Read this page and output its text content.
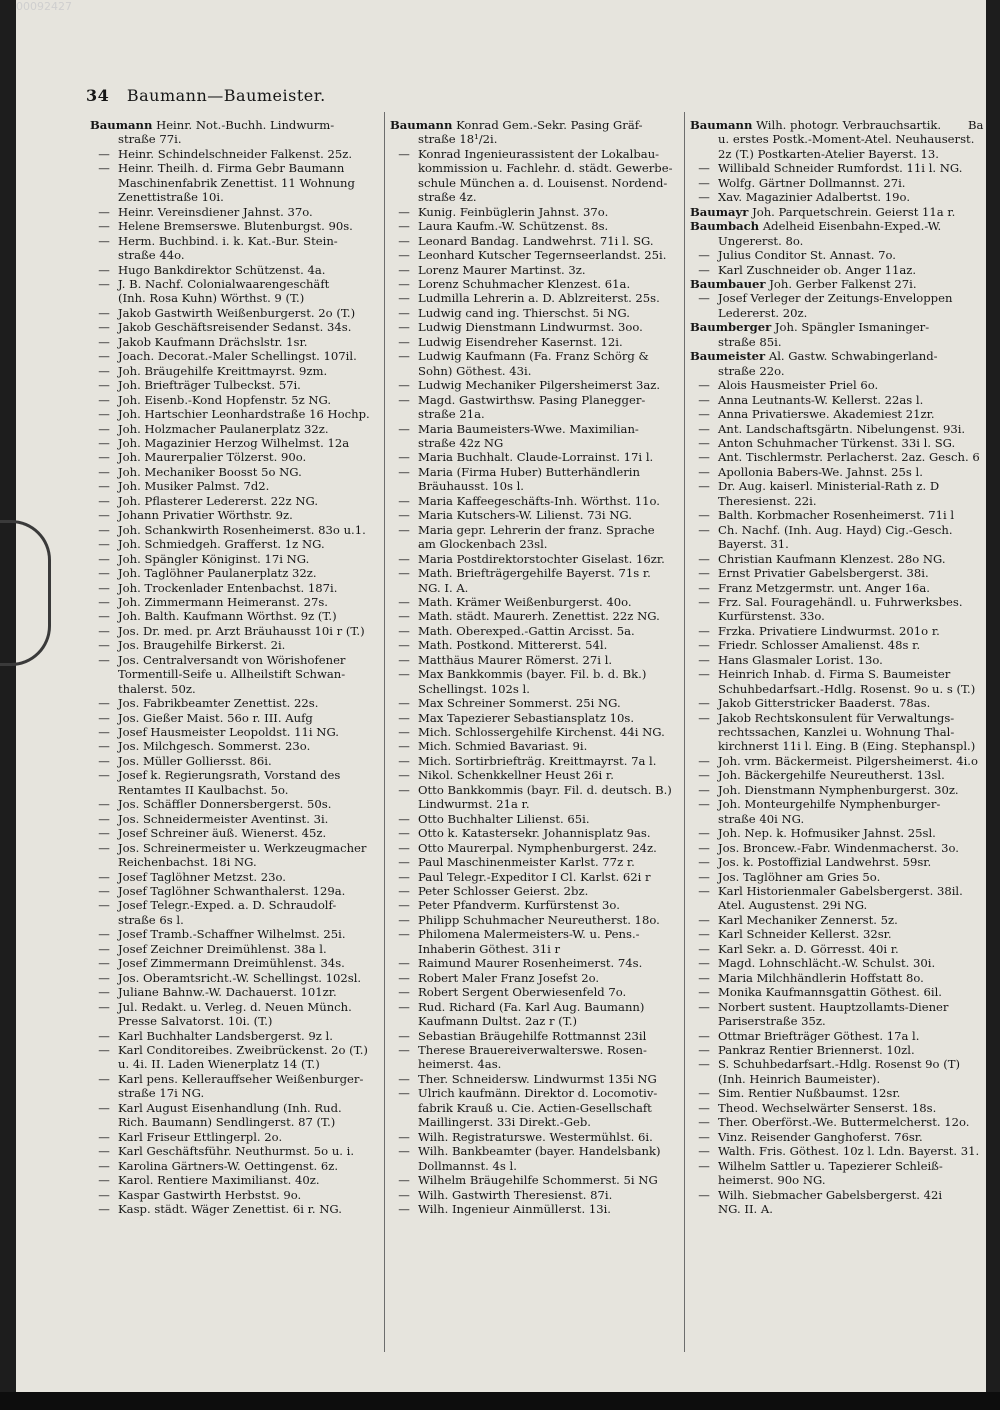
00092427
34 Baumann—Baumeister.
Baumann Heinr. Not.-Buchh. Lindwurm-
straße 77i.
— Heinr. Schindelschneider Falkenst. 25z.
— Heinr. Theilh. d. Firma Gebr Baumann
Maschinenfabrik Zenettist. 11 Wohnung
Zenettistraße 10i.
— Heinr. Vereinsdiener Jahnst. 37o.
— Helene Bremserswe. Blutenburgst. 90s.
— Herm. Buchbind. i. k. Kat.-Bur. Stein-
straße 44o.
— Hugo Bankdirektor Schützenst. 4a.
— J. B. Nachf. Colonialwaarengeschäft
(Inh. Rosa Kuhn) Wörthst. 9 (T.)
— Jakob Gastwirth Weißenburgerst. 2o (T.)
— Jakob Geschäftsreisender Sedanst. 34s.
— Jakob Kaufmann Drächslstr. 1sr.
— Joach. Decorat.-Maler Schellingst. 107il.
— Joh. Bräugehilfe Kreittmayrst. 9zm.
— Joh. Briefträger Tulbeckst. 57i.
— Joh. Eisenb.-Kond Hopfenstr. 5z NG.
— Joh. Hartschier Leonhardstraße 16 Hochp.
— Joh. Holzmacher Paulanerplatz 32z.
— Joh. Magazinier Herzog Wilhelmst. 12a
— Joh. Maurerpalier Tölzerst. 90o.
— Joh. Mechaniker Boosst 5o NG.
— Joh. Musiker Palmst. 7d2.
— Joh. Pflasterer Ledererst. 22z NG.
— Johann Privatier Wörthstr. 9z.
— Joh. Schankwirth Rosenheimerst. 83o u.1.
— Joh. Schmiedgeh. Grafferst. 1z NG.
— Joh. Spängler Königinst. 17i NG.
— Joh. Taglöhner Paulanerplatz 32z.
— Joh. Trockenlader Entenbachst. 187i.
— Joh. Zimmermann Heimeranst. 27s.
— Joh. Balth. Kaufmann Wörthst. 9z (T.)
— Jos. Dr. med. pr. Arzt Bräuhausst 10i r (T.)
— Jos. Braugehilfe Birkerst. 2i.
— Jos. Centralversandt von Wörishofener
Tormentill-Seife u. Allheilstift Schwan-
thalerst. 50z.
— Jos. Fabrikbeamter Zenettist. 22s.
— Jos. Gießer Maist. 56o r. III. Aufg
— Josef Hausmeister Leopoldst. 11i NG.
— Jos. Milchgesch. Sommerst. 23o.
— Jos. Müller Golliersst. 86i.
— Josef k. Regierungsrath, Vorstand des
Rentamtes II Kaulbachst. 5o.
— Jos. Schäffler Donnersbergerst. 50s.
— Jos. Schneidermeister Aventinst. 3i.
— Josef Schreiner äuß. Wienerst. 45z.
— Jos. Schreinermeister u. Werkzeugmacher
Reichenbachst. 18i NG.
— Josef Taglöhner Metzst. 23o.
— Josef Taglöhner Schwanthalerst. 129a.
— Josef Telegr.-Exped. a. D. Schraudolf-
straße 6s l.
— Josef Tramb.-Schaffner Wilhelmst. 25i.
— Josef Zeichner Dreimühlenst. 38a l.
— Josef Zimmermann Dreimühlenst. 34s.
— Jos. Oberamtsricht.-W. Schellingst. 102sl.
— Juliane Bahnw.-W. Dachauerst. 101zr.
— Jul. Redakt. u. Verleg. d. Neuen Münch.
Presse Salvatorst. 10i. (T.)
— Karl Buchhalter Landsbergerst. 9z l.
— Karl Conditoreibes. Zweibrückenst. 2o (T.)
u. 4i. II. Laden Wienerplatz 14 (T.)
— Karl pens. Kellerauffseher Weißenburger-
straße 17i NG.
— Karl August Eisenhandlung (Inh. Rud.
Rich. Baumann) Sendlingerst. 87 (T.)
— Karl Friseur Ettlingerpl. 2o.
— Karl Geschäftsführ. Neuthurmst. 5o u. i.
— Karolina Gärtners-W. Oettingenst. 6z.
— Karol. Rentiere Maximilianst. 40z.
— Kaspar Gastwirth Herbstst. 9o.
— Kasp. städt. Wäger Zenettist. 6i r. NG.
Baumann Konrad Gem.-Sekr. Pasing Gräf-
straße 18¹/2i.
— Konrad Ingenieurassistent der Lokalbau-
kommission u. Fachlehr. d. städt. Gewerbe-
schule München a. d. Louisenst. Nordend-
straße 4z.
— Kunig. Feinbüglerin Jahnst. 37o.
— Laura Kaufm.-W. Schützenst. 8s.
— Leonard Bandag. Landwehrst. 71i l. SG.
— Leonhard Kutscher Tegernseerlandst. 25i.
— Lorenz Maurer Martinst. 3z.
— Lorenz Schuhmacher Klenzest. 61a.
— Ludmilla Lehrerin a. D. Ablzreiterst. 25s.
— Ludwig cand ing. Thierschst. 5i NG.
— Ludwig Dienstmann Lindwurmst. 3oo.
— Ludwig Eisendreher Kasernst. 12i.
— Ludwig Kaufmann (Fa. Franz Schörg &
Sohn) Göthest. 43i.
— Ludwig Mechaniker Pilgersheimerst 3az.
— Magd. Gastwirthsw. Pasing Planegger-
straße 21a.
— Maria Baumeisters-Wwe. Maximilian-
straße 42z NG
— Maria Buchhalt. Claude-Lorrainst. 17i l.
— Maria (Firma Huber) Butterhändlerin
Bräuhausst. 10s l.
— Maria Kaffeegeschäfts-Inh. Wörthst. 11o.
— Maria Kutschers-W. Lilienst. 73i NG.
— Maria gepr. Lehrerin der franz. Sprache
am Glockenbach 23sl.
— Maria Postdirektorstochter Giselast. 16zr.
— Math. Briefträgergehilfe Bayerst. 71s r.
NG. I. A.
— Math. Krämer Weißenburgerst. 40o.
— Math. städt. Maurerh. Zenettist. 22z NG.
— Math. Oberexped.-Gattin Arcisst. 5a.
— Math. Postkond. Mittererst. 54l.
— Matthäus Maurer Römerst. 27i l.
— Max Bankkommis (bayer. Fil. b. d. Bk.)
Schellingst. 102s l.
— Max Schreiner Sommerst. 25i NG.
— Max Tapezierer Sebastiansplatz 10s.
— Mich. Schlossergehilfe Kirchenst. 44i NG.
— Mich. Schmied Bavariast. 9i.
— Mich. Sortirbriefträg. Kreittmayrst. 7a l.
— Nikol. Schenkkellner Heust 26i r.
— Otto Bankkommis (bayr. Fil. d. deutsch. B.)
Lindwurmst. 21a r.
— Otto Buchhalter Lilienst. 65i.
— Otto k. Katastersekr. Johannisplatz 9as.
— Otto Maurerpal. Nymphenburgerst. 24z.
— Paul Maschinenmeister Karlst. 77z r.
— Paul Telegr.-Expeditor I Cl. Karlst. 62i r
— Peter Schlosser Geierst. 2bz.
— Peter Pfandverm. Kurfürstenst 3o.
— Philipp Schuhmacher Neureutherst. 18o.
— Philomena Malermeisters-W. u. Pens.-
Inhaberin Göthest. 31i r
— Raimund Maurer Rosenheimerst. 74s.
— Robert Maler Franz Josefst 2o.
— Robert Sergent Oberwiesenfeld 7o.
— Rud. Richard (Fa. Karl Aug. Baumann)
Kaufmann Dultst. 2az r (T.)
— Sebastian Bräugehilfe Rottmannst 23il
— Therese Brauereiverwalterswe. Rosen-
heimerst. 4as.
— Ther. Schneidersw. Lindwurmst 135i NG
— Ulrich kaufmänn. Direktor d. Locomotiv-
fabrik Krauß u. Cie. Actien-Gesellschaft
Maillingerst. 33i Direkt.-Geb.
— Wilh. Registraturswe. Westermühlst. 6i.
— Wilh. Bankbeamter (bayer. Handelsbank)
Dollmannst. 4s l.
— Wilhelm Bräugehilfe Schommerst. 5i NG
— Wilh. Gastwirth Theresienst. 87i.
— Wilh. Ingenieur Ainmüllerst. 13i.
Baumann Wilh. photogr. Verbrauchsartik.
u. erstes Postk.-Moment-Atel. Neuhauserst.
2z (T.) Postkarten-Atelier Bayerst. 13.
— Willibald Schneider Rumfordst. 11i l. NG.
— Wolfg. Gärtner Dollmannst. 27i.
— Xav. Magazinier Adalbertst. 19o.
Baumayr Joh. Parquetschrein. Geierst 11a r.
Baumbach Adelheid Eisenbahn-Exped.-W.
Ungererst. 8o.
— Julius Conditor St. Annast. 7o.
— Karl Zuschneider ob. Anger 11az.
Baumbauer Joh. Gerber Falkenst 27i.
— Josef Verleger der Zeitungs-Enveloppen
Ledererst. 20z.
Baumberger Joh. Spängler Ismaninger-
straße 85i.
Baumeister Al. Gastw. Schwabingerland-
straße 22o.
— Alois Hausmeister Priel 6o.
— Anna Leutnants-W. Kellerst. 22as l.
— Anna Privatierswe. Akademiest 21zr.
— Ant. Landschaftsgärtn. Nibelungenst. 93i.
— Anton Schuhmacher Türkenst. 33i l. SG.
— Ant. Tischlermstr. Perlacherst. 2az. Gesch. 6
— Apollonia Babers-We. Jahnst. 25s l.
— Dr. Aug. kaiserl. Ministerial-Rath z. D
Theresienst. 22i.
— Balth. Korbmacher Rosenheimerst. 71i l
— Ch. Nachf. (Inh. Aug. Hayd) Cig.-Gesch.
Bayerst. 31.
— Christian Kaufmann Klenzest. 28o NG.
— Ernst Privatier Gabelsbergerst. 38i.
— Franz Metzgermstr. unt. Anger 16a.
— Frz. Sal. Fouragehändl. u. Fuhrwerksbes.
Kurfürstenst. 33o.
— Frzka. Privatiere Lindwurmst. 201o r.
— Friedr. Schlosser Amalienst. 48s r.
— Hans Glasmaler Lorist. 13o.
— Heinrich Inhab. d. Firma S. Baumeister
Schuhbedarfsart.-Hdlg. Rosenst. 9o u. s (T.)
— Jakob Gitterstricker Baaderst. 78as.
— Jakob Rechtskonsulent für Verwaltungs-
rechtssachen, Kanzlei u. Wohnung Thal-
kirchnerst 11i l. Eing. B (Eing. Stephanspl.)
— Joh. vrm. Bäckermeist. Pilgersheimerst. 4i.o
— Joh. Bäckergehilfe Neureutherst. 13sl.
— Joh. Dienstmann Nymphenburgerst. 30z.
— Joh. Monteurgehilfe Nymphenburger-
straße 40i NG.
— Joh. Nep. k. Hofmusiker Jahnst. 25sl.
— Jos. Broncew.-Fabr. Windenmacherst. 3o.
— Jos. k. Postoffizial Landwehrst. 59sr.
— Jos. Taglöhner am Gries 5o.
— Karl Historienmaler Gabelsbergerst. 38il.
Atel. Augustenst. 29i NG.
— Karl Mechaniker Zennerst. 5z.
— Karl Schneider Kellerst. 32sr.
— Karl Sekr. a. D. Görresst. 40i r.
— Magd. Lohnschlächt.-W. Schulst. 30i.
— Maria Milchhändlerin Hoffstatt 8o.
— Monika Kaufmannsgattin Göthest. 6il.
— Norbert sustent. Hauptzollamts-Diener
Pariserstraße 35z.
— Ottmar Briefträger Göthest. 17a l.
— Pankraz Rentier Briennerst. 10zl.
— S. Schuhbedarfsart.-Hdlg. Rosenst 9o (T)
(Inh. Heinrich Baumeister).
— Sim. Rentier Nußbaumst. 12sr.
— Theod. Wechselwärter Senserst. 18s.
— Ther. Oberförst.-We. Buttermelcherst. 12o.
— Vinz. Reisender Ganghoferst. 76sr.
— Walth. Fris. Göthest. 10z l. Ldn. Bayerst. 31.
— Wilhelm Sattler u. Tapezierer Schleiß-
heimerst. 90o NG.
— Wilh. Siebmacher Gabelsbergerst. 42i
NG. II. A.
Ba
